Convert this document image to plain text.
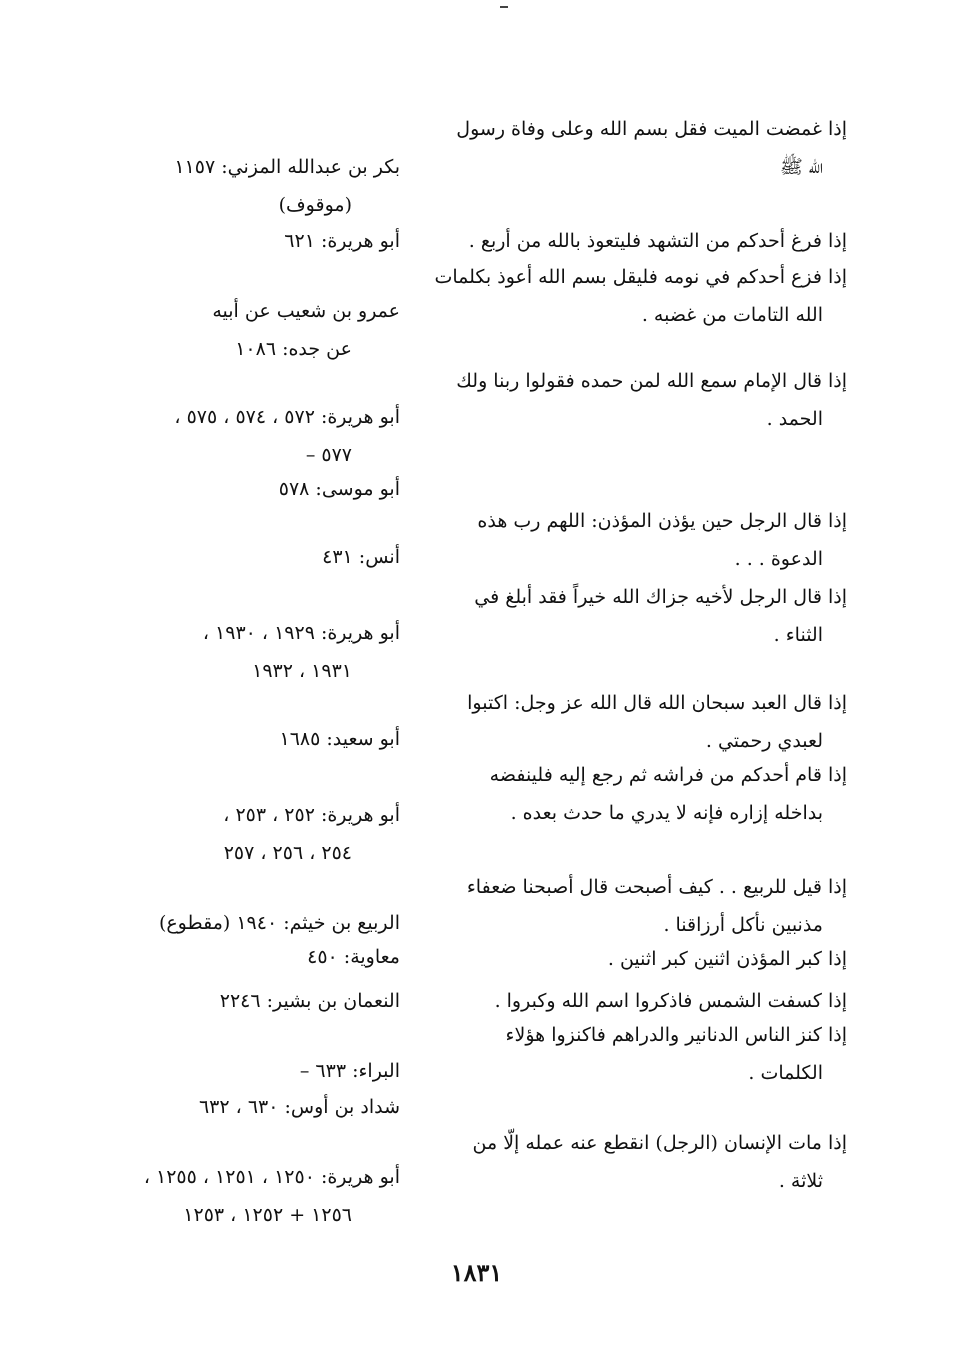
إذا غمضت الميت فقل بسم الله وعلى وفاة رسول
الله ﷺ
إذا فرغ أحدكم من التشهد فليتعوذ بالله من أربع .
إذا فزع أحدكم في نومه فليقل بسم الله أعوذ بكلمات
الله التامات من غضبه .
إذا قال الإمام سمع الله لمن حمده فقولوا ربنا ولك
الحمد .
إذا قال الرجل حين يؤذن المؤذن: اللهم رب هذه
الدعوة . . .
إذا قال الرجل لأخيه جزاك الله خيراً فقد أبلغ في
الثناء .
إذا قال العبد سبحان الله قال الله عز وجل: اكتبوا
لعبدي رحمتي .
إذا قام أحدكم من فراشه ثم رجع إليه فلينفضه
بداخله إزاره فإنه لا يدري ما حدث بعده .
إذا قيل للربيع . . كيف أصبحت قال أصبحنا ضعفاء
مذنبين نأكل أرزاقنا .
إذا كبر المؤذن اثنين كبر اثنين .
إذا كسفت الشمس فاذكروا اسم الله وكبروا .
إذا كنز الناس الدنانير والدراهم فاكنزوا هؤلاء
الكلمات .
إذا مات الإنسان (الرجل) انقطع عنه عمله إلّا من
ثلاثة .
بكر بن عبدالله المزني: ١١٥٧
(موقوف)
أبو هريرة: ٦٢١
عمرو بن شعيب عن أبيه
عن جده: ١٠٨٦
أبو هريرة: ٥٧٢ ، ٥٧٤ ، ٥٧٥ ،
٥٧٧ –
أبو موسى: ٥٧٨
أنس: ٤٣١
أبو هريرة: ١٩٢٩ ، ١٩٣٠ ،
١٩٣١ ، ١٩٣٢
أبو سعيد: ١٦٨٥
أبو هريرة: ٢٥٢ ، ٢٥٣ ،
٢٥٤ ، ٢٥٦ ، ٢٥٧
الربيع بن خيثم: ١٩٤٠ (مقطوع)
معاوية: ٤٥٠
النعمان بن بشير: ٢٢٤٦
البراء: ٦٣٣ –
شداد بن أوس: ٦٣٠ ، ٦٣٢
أبو هريرة: ١٢٥٠ ، ١٢٥١ ، ١٢٥٥ ،
١٢٥٦ + ١٢٥٢ ، ١٢٥٣
١٨٣١
